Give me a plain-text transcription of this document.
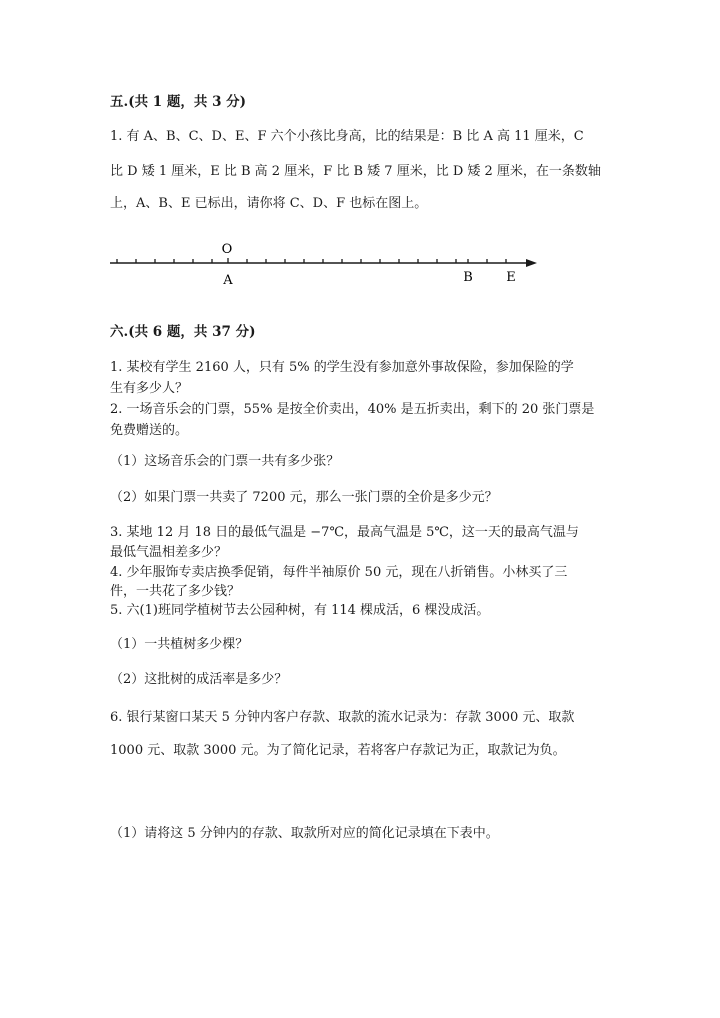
五.(共 1 题，共 3 分)
1. 有 A、B、C、D、E、F 六个小孩比身高，比的结果是：B 比 A 高 11 厘米，C
比 D 矮 1 厘米，E 比 B 高 2 厘米，F 比 B 矮 7 厘米，比 D 矮 2 厘米，在一条数轴
上，A、B、E 已标出，请你将 C、D、F 也标在图上。
O
A	B	E
六.(共 6 题，共 37 分)
1. 某校有学生 2160 人，只有 5% 的学生没有参加意外事故保险，参加保险的学
生有多少人？
2. 一场音乐会的门票，55% 是按全价卖出，40% 是五折卖出，剩下的 20 张门票是
免费赠送的。
（1）这场音乐会的门票一共有多少张？
（2）如果门票一共卖了 7200 元，那么一张门票的全价是多少元？
3. 某地 12 月 18 日的最低气温是 −7℃，最高气温是 5℃，这一天的最高气温与
最低气温相差多少？
4. 少年服饰专卖店换季促销，每件半袖原价 50 元，现在八折销售。小林买了三
件，一共花了多少钱？
5. 六(1)班同学植树节去公园种树，有 114 棵成活，6 棵没成活。
（1）一共植树多少棵？
（2）这批树的成活率是多少？
6. 银行某窗口某天 5 分钟内客户存款、取款的流水记录为：存款 3000 元、取款
1000 元、取款 3000 元。为了简化记录，若将客户存款记为正，取款记为负。
（1）请将这 5 分钟内的存款、取款所对应的简化记录填在下表中。
